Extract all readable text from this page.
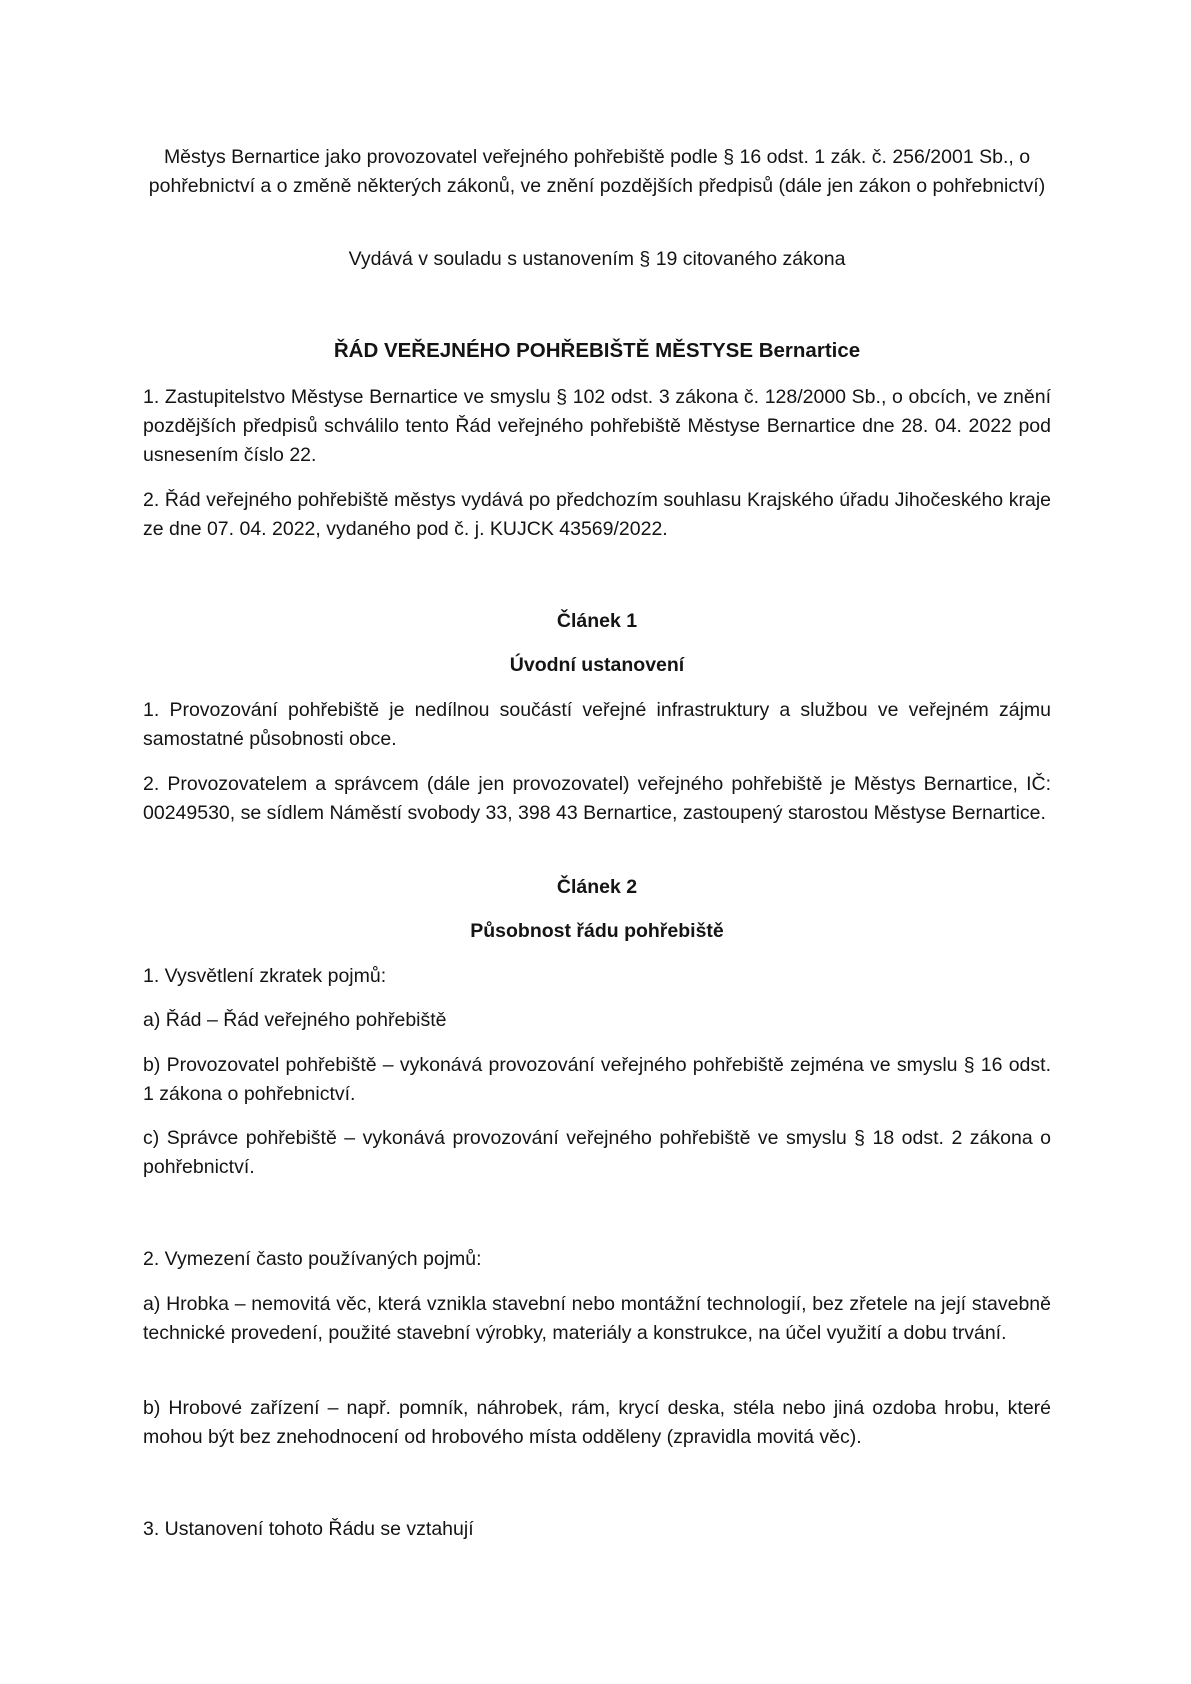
Městys Bernartice jako provozovatel veřejného pohřebiště podle § 16 odst. 1 zák. č. 256/2001 Sb., o pohřebnictví a o změně některých zákonů, ve znění pozdějších předpisů (dále jen zákon o pohřebnictví)

Vydává v souladu s ustanovením § 19 citovaného zákona

ŘÁD VEŘEJNÉHO POHŘEBIŠTĚ MĚSTYSE Bernartice

1. Zastupitelstvo Městyse Bernartice ve smyslu § 102 odst. 3 zákona č. 128/2000 Sb., o obcích, ve znění pozdějších předpisů schválilo tento Řád veřejného pohřebiště Městyse Bernartice dne 28. 04. 2022 pod usnesením číslo 22.

2. Řád veřejného pohřebiště městys vydává po předchozím souhlasu Krajského úřadu Jihočeského kraje ze dne 07. 04. 2022, vydaného pod č. j. KUJCK 43569/2022.

Článek 1

Úvodní ustanovení

1. Provozování pohřebiště je nedílnou součástí veřejné infrastruktury a službou ve veřejném zájmu samostatné působnosti obce.

2. Provozovatelem a správcem (dále jen provozovatel) veřejného pohřebiště je Městys Bernartice, IČ: 00249530, se sídlem Náměstí svobody 33, 398 43 Bernartice, zastoupený starostou Městyse Bernartice.

Článek 2

Působnost řádu pohřebiště

1. Vysvětlení zkratek pojmů:

a) Řád – Řád veřejného pohřebiště

b) Provozovatel pohřebiště – vykonává provozování veřejného pohřebiště zejména ve smyslu § 16 odst. 1 zákona o pohřebnictví.

c) Správce pohřebiště – vykonává provozování veřejného pohřebiště ve smyslu § 18 odst. 2 zákona o pohřebnictví.

2. Vymezení často používaných pojmů:

a) Hrobka – nemovitá věc, která vznikla stavební nebo montážní technologií, bez zřetele na její stavebně technické provedení, použité stavební výrobky, materiály a konstrukce, na účel využití a dobu trvání.

b) Hrobové zařízení – např. pomník, náhrobek, rám, krycí deska, stéla nebo jiná ozdoba hrobu, které mohou být bez znehodnocení od hrobového místa odděleny (zpravidla movitá věc).

3. Ustanovení tohoto Řádu se vztahují
